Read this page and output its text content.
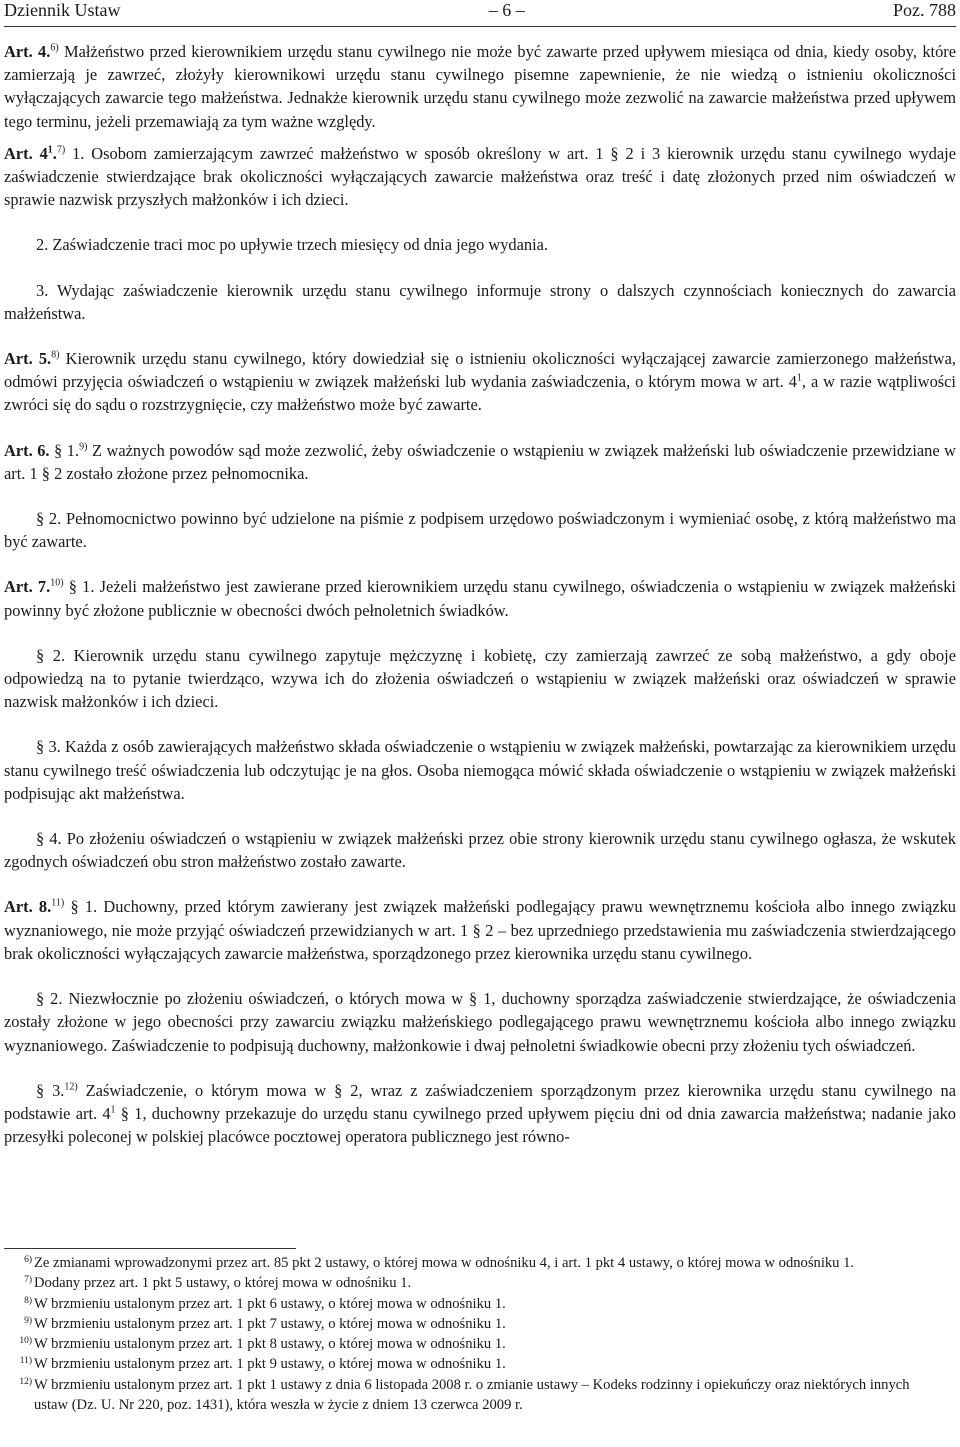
Dziennik Ustaw	– 6 –	Poz. 788

Art. 4.$^{6)}$ Małżeństwo przed kierownikiem urzędu stanu cywilnego nie może być zawarte przed upływem miesiąca od dnia, kiedy osoby, które zamierzają je zawrzeć, złożyły kierownikowi urzędu stanu cywilnego pisemne zapewnienie, że nie wiedzą o istnieniu okoliczności wyłączających zawarcie tego małżeństwa. Jednakże kierownik urzędu stanu cywilnego może zezwolić na zawarcie małżeństwa przed upływem tego terminu, jeżeli przemawiają za tym ważne względy.

Art. $4^1.^{7)}$ 1. Osobom zamierzającym zawrzeć małżeństwo w sposób określony w art. 1 § 2 i 3 kierownik urzędu stanu cywilnego wydaje zaświadczenie stwierdzające brak okoliczności wyłączających zawarcie małżeństwa oraz treść i datę złożonych przed nim oświadczeń w sprawie nazwisk przyszłych małżonków i ich dzieci.

2. Zaświadczenie traci moc po upływie trzech miesięcy od dnia jego wydania.

3. Wydając zaświadczenie kierownik urzędu stanu cywilnego informuje strony o dalszych czynnościach koniecznych do zawarcia małżeństwa.

Art. 5.$^{8)}$ Kierownik urzędu stanu cywilnego, który dowiedział się o istnieniu okoliczności wyłączającej zawarcie zamierzonego małżeństwa, odmówi przyjęcia oświadczeń o wstąpieniu w związek małżeński lub wydania zaświadczenia, o którym mowa w art. $4^1$, a w razie wątpliwości zwróci się do sądu o rozstrzygnięcie, czy małżeństwo może być zawarte.

Art. 6. § 1.$^{9)}$ Z ważnych powodów sąd może zezwolić, żeby oświadczenie o wstąpieniu w związek małżeński lub oświadczenie przewidziane w art. 1 § 2 zostało złożone przez pełnomocnika.

§ 2. Pełnomocnictwo powinno być udzielone na piśmie z podpisem urzędowo poświadczonym i wymieniać osobę, z którą małżeństwo ma być zawarte.

Art. 7.$^{10)}$ § 1. Jeżeli małżeństwo jest zawierane przed kierownikiem urzędu stanu cywilnego, oświadczenia o wstąpieniu w związek małżeński powinny być złożone publicznie w obecności dwóch pełnoletnich świadków.

§ 2. Kierownik urzędu stanu cywilnego zapytuje mężczyznę i kobietę, czy zamierzają zawrzeć ze sobą małżeństwo, a gdy oboje odpowiedzą na to pytanie twierdząco, wzywa ich do złożenia oświadczeń o wstąpieniu w związek małżeński oraz oświadczeń w sprawie nazwisk małżonków i ich dzieci.

§ 3. Każda z osób zawierających małżeństwo składa oświadczenie o wstąpieniu w związek małżeński, powtarzając za kierownikiem urzędu stanu cywilnego treść oświadczenia lub odczytując je na głos. Osoba niemogąca mówić składa oświadczenie o wstąpieniu w związek małżeński podpisując akt małżeństwa.

§ 4. Po złożeniu oświadczeń o wstąpieniu w związek małżeński przez obie strony kierownik urzędu stanu cywilnego ogłasza, że wskutek zgodnych oświadczeń obu stron małżeństwo zostało zawarte.

Art. 8.$^{11)}$ § 1. Duchowny, przed którym zawierany jest związek małżeński podlegający prawu wewnętrznemu kościoła albo innego związku wyznaniowego, nie może przyjąć oświadczeń przewidzianych w art. 1 § 2 – bez uprzedniego przedstawienia mu zaświadczenia stwierdzającego brak okoliczności wyłączających zawarcie małżeństwa, sporządzonego przez kierownika urzędu stanu cywilnego.

§ 2. Niezwłocznie po złożeniu oświadczeń, o których mowa w § 1, duchowny sporządza zaświadczenie stwierdzające, że oświadczenia zostały złożone w jego obecności przy zawarciu związku małżeńskiego podlegającego prawu wewnętrznemu kościoła albo innego związku wyznaniowego. Zaświadczenie to podpisują duchowny, małżonkowie i dwaj pełnoletni świadkowie obecni przy złożeniu tych oświadczeń.

§ 3.$^{12)}$ Zaświadczenie, o którym mowa w § 2, wraz z zaświadczeniem sporządzonym przez kierownika urzędu stanu cywilnego na podstawie art. $4^1$ § 1, duchowny przekazuje do urzędu stanu cywilnego przed upływem pięciu dni od dnia zawarcia małżeństwa; nadanie jako przesyłki poleconej w polskiej placówce pocztowej operatora publicznego jest równo-

6) Ze zmianami wprowadzonymi przez art. 85 pkt 2 ustawy, o której mowa w odnośniku 4, i art. 1 pkt 4 ustawy, o której mowa w odnośniku 1.
7) Dodany przez art. 1 pkt 5 ustawy, o której mowa w odnośniku 1.
8) W brzmieniu ustalonym przez art. 1 pkt 6 ustawy, o której mowa w odnośniku 1.
9) W brzmieniu ustalonym przez art. 1 pkt 7 ustawy, o której mowa w odnośniku 1.
10) W brzmieniu ustalonym przez art. 1 pkt 8 ustawy, o której mowa w odnośniku 1.
11) W brzmieniu ustalonym przez art. 1 pkt 9 ustawy, o której mowa w odnośniku 1.
12) W brzmieniu ustalonym przez art. 1 pkt 1 ustawy z dnia 6 listopada 2008 r. o zmianie ustawy – Kodeks rodzinny i opiekuńczy oraz niektórych innych ustaw (Dz. U. Nr 220, poz. 1431), która weszła w życie z dniem 13 czerwca 2009 r.
